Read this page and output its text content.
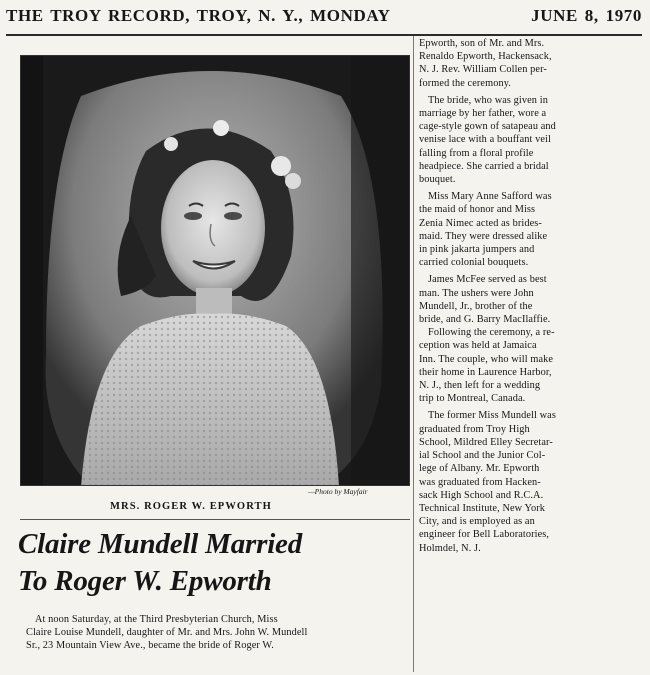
THE TROY RECORD, TROY, N. Y., MONDAY	JUNE 8, 1970
—Photo by Mayfair
MRS. ROGER W. EPWORTH
Claire Mundell Married
To Roger W. Epworth
At noon Saturday, at the Third Presbyterian Church, Miss
Claire Louise Mundell, daughter of Mr. and Mrs. John W. Mundell
Sr., 23 Mountain View Ave., became the bride of Roger W.

Epworth, son of Mr. and Mrs.
Renaldo Epworth, Hackensack,
N. J. Rev. William Collen per-
formed the ceremony.

The bride, who was given in
marriage by her father, wore a
cage-style gown of satapeau and
venise lace with a bouffant veil
falling from a floral profile
headpiece. She carried a bridal
bouquet.

Miss Mary Anne Safford was
the maid of honor and Miss
Zenia Nimec acted as brides-
maid. They were dressed alike
in pink jakarta jumpers and
carried colonial bouquets.

James McFee served as best
man. The ushers were John
Mundell, Jr., brother of the
bride, and G. Barry MacIlaffie.
Following the ceremony, a re-
ception was held at Jamaica
Inn. The couple, who will make
their home in Laurence Harbor,
N. J., then left for a wedding
trip to Montreal, Canada.

The former Miss Mundell was
graduated from Troy High
School, Mildred Elley Secretar-
ial School and the Junior Col-
lege of Albany. Mr. Epworth
was graduated from Hacken-
sack High School and R.C.A.
Technical Institute, New York
City, and is employed as an
engineer for Bell Laboratories,
Holmdel, N. J.
